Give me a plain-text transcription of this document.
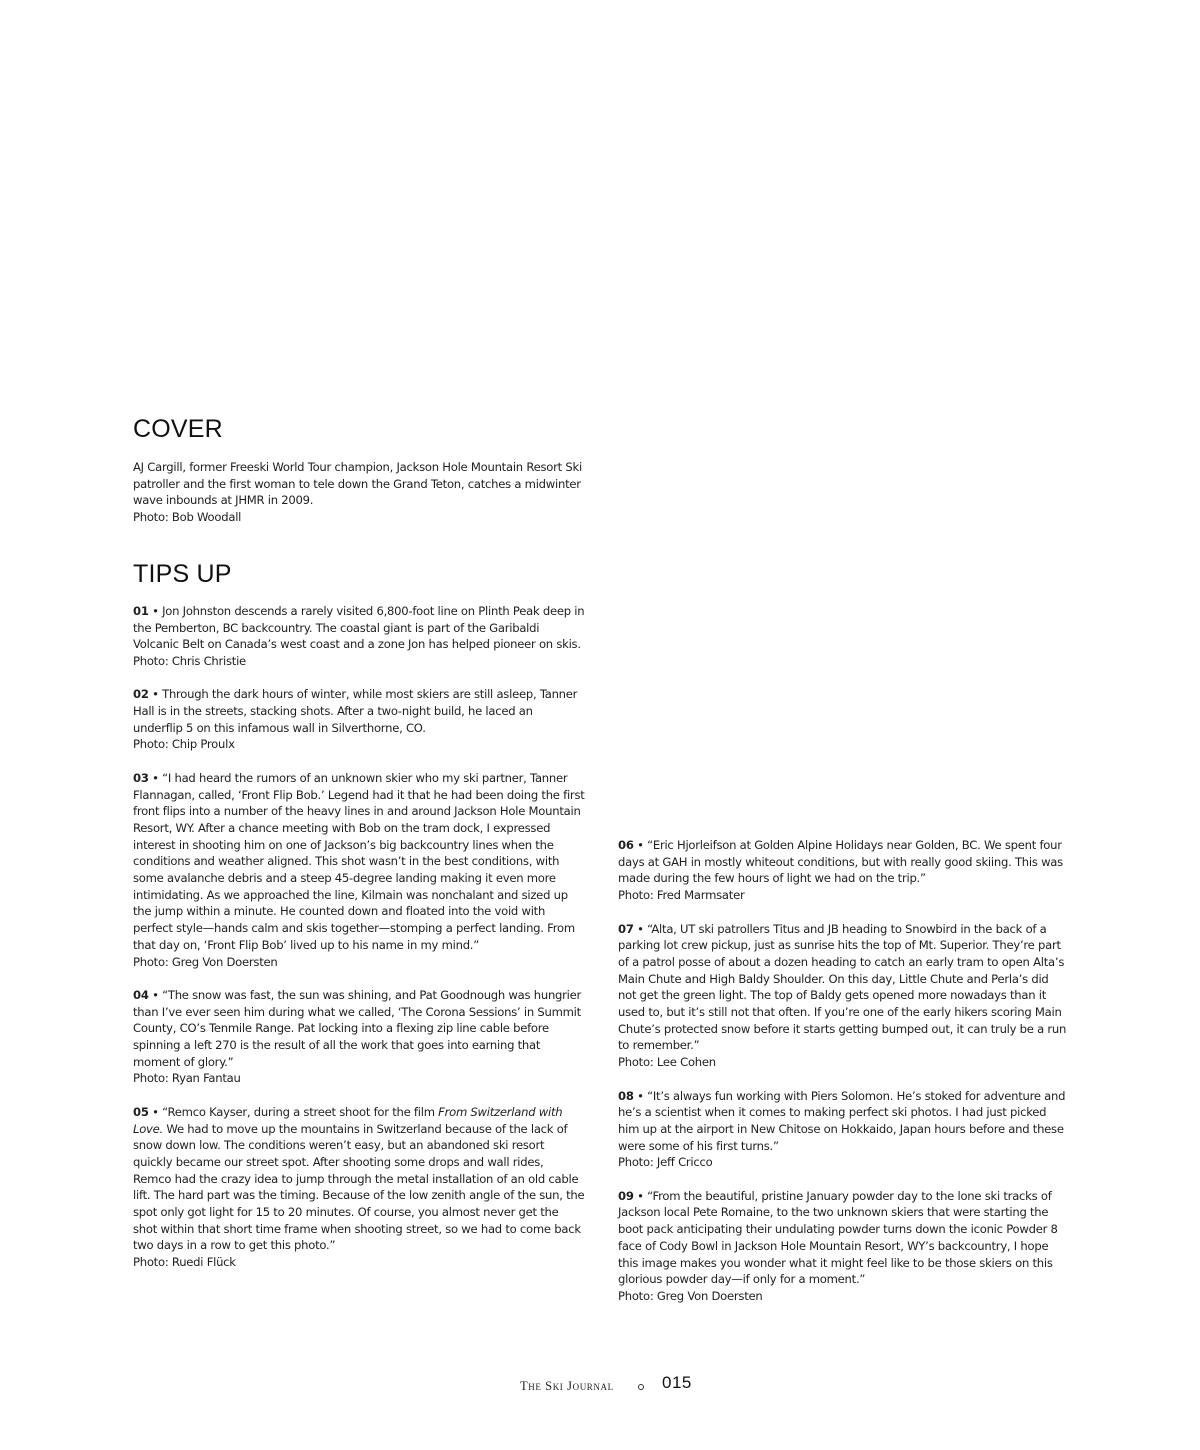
COVER

AJ Cargill, former Freeski World Tour champion, Jackson Hole Mountain Resort Ski patroller and the first woman to tele down the Grand Teton, catches a midwinter wave inbounds at JHMR in 2009.
Photo: Bob Woodall

TIPS UP

01 • Jon Johnston descends a rarely visited 6,800-foot line on Plinth Peak deep in the Pemberton, BC backcountry. The coastal giant is part of the Garibaldi Volcanic Belt on Canada’s west coast and a zone Jon has helped pioneer on skis.
Photo: Chris Christie

02 • Through the dark hours of winter, while most skiers are still asleep, Tanner Hall is in the streets, stacking shots. After a two-night build, he laced an underflip 5 on this infamous wall in Silverthorne, CO.
Photo: Chip Proulx

03 • “I had heard the rumors of an unknown skier who my ski partner, Tanner Flannagan, called, ‘Front Flip Bob.’ Legend had it that he had been doing the first front flips into a number of the heavy lines in and around Jackson Hole Mountain Resort, WY. After a chance meeting with Bob on the tram dock, I expressed interest in shooting him on one of Jackson’s big backcountry lines when the conditions and weather aligned. This shot wasn’t in the best conditions, with some avalanche debris and a steep 45-degree landing making it even more intimidating. As we approached the line, Kilmain was nonchalant and sized up the jump within a minute. He counted down and floated into the void with perfect style—hands calm and skis together—stomping a perfect landing. From that day on, ‘Front Flip Bob’ lived up to his name in my mind.”
Photo: Greg Von Doersten

04 • “The snow was fast, the sun was shining, and Pat Goodnough was hungrier than I’ve ever seen him during what we called, ‘The Corona Sessions’ in Summit County, CO’s Tenmile Range. Pat locking into a flexing zip line cable before spinning a left 270 is the result of all the work that goes into earning that moment of glory.”
Photo: Ryan Fantau

05 • “Remco Kayser, during a street shoot for the film From Switzerland with Love. We had to move up the mountains in Switzerland because of the lack of snow down low. The conditions weren’t easy, but an abandoned ski resort quickly became our street spot. After shooting some drops and wall rides, Remco had the crazy idea to jump through the metal installation of an old cable lift. The hard part was the timing. Because of the low zenith angle of the sun, the spot only got light for 15 to 20 minutes. Of course, you almost never get the shot within that short time frame when shooting street, so we had to come back two days in a row to get this photo.”
Photo: Ruedi Flück

06 • “Eric Hjorleifson at Golden Alpine Holidays near Golden, BC. We spent four days at GAH in mostly whiteout conditions, but with really good skiing. This was made during the few hours of light we had on the trip.”
Photo: Fred Marmsater

07 • “Alta, UT ski patrollers Titus and JB heading to Snowbird in the back of a parking lot crew pickup, just as sunrise hits the top of Mt. Superior. They’re part of a patrol posse of about a dozen heading to catch an early tram to open Alta’s Main Chute and High Baldy Shoulder. On this day, Little Chute and Perla’s did not get the green light. The top of Baldy gets opened more nowadays than it used to, but it’s still not that often. If you’re one of the early hikers scoring Main Chute’s protected snow before it starts getting bumped out, it can truly be a run to remember.”
Photo: Lee Cohen

08 • “It’s always fun working with Piers Solomon. He’s stoked for adventure and he’s a scientist when it comes to making perfect ski photos. I had just picked him up at the airport in New Chitose on Hokkaido, Japan hours before and these were some of his first turns.”
Photo: Jeff Cricco

09 • “From the beautiful, pristine January powder day to the lone ski tracks of Jackson local Pete Romaine, to the two unknown skiers that were starting the boot pack anticipating their undulating powder turns down the iconic Powder 8 face of Cody Bowl in Jackson Hole Mountain Resort, WY’s backcountry, I hope this image makes you wonder what it might feel like to be those skiers on this glorious powder day—if only for a moment.”
Photo: Greg Von Doersten

The Ski Journal	015
